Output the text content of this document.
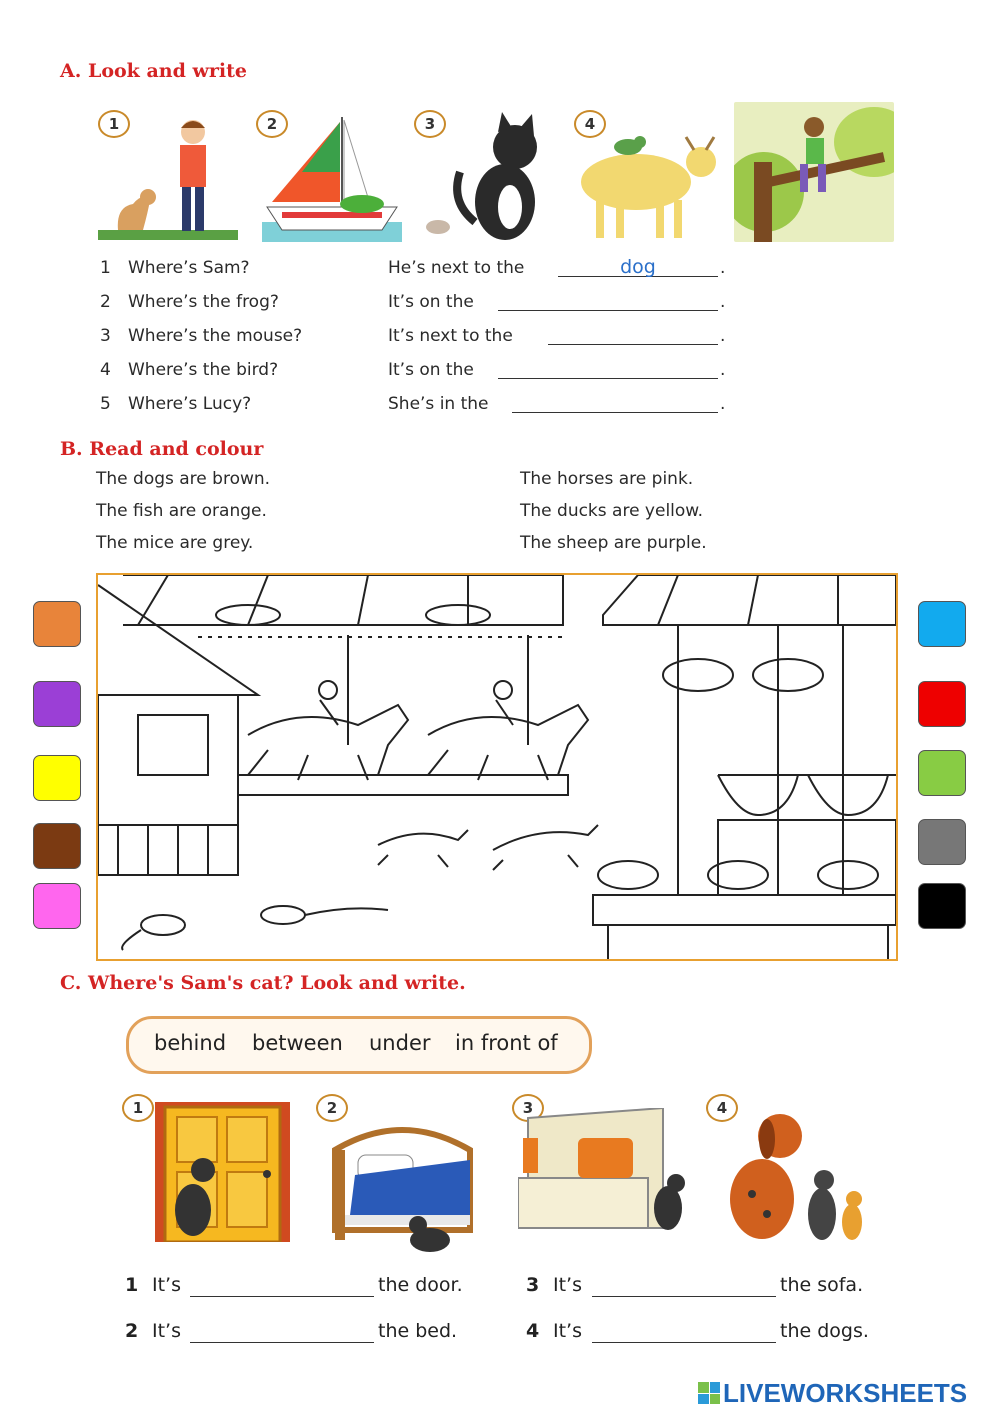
A. Look and write
1	2	3	4
1 Where’s Sam?	He’s next to the	dog	.
2 Where’s the frog?	It’s on the	.
3 Where’s the mouse?	It’s next to the	.
4 Where’s the bird?	It’s on the	.
5 Where’s Lucy?	She’s in the	.
B. Read and colour
The dogs are brown.
The fish are orange.
The mice are grey.
The horses are pink.
The ducks are yellow.
The sheep are purple.
C. Where's Sam's cat? Look and write.
behind between under in front of
1	2	3	4
1 It’s	the door.
2 It’s	the bed.
3 It’s	the sofa.
4 It’s	the dogs.
LIVEWORKSHEETS
